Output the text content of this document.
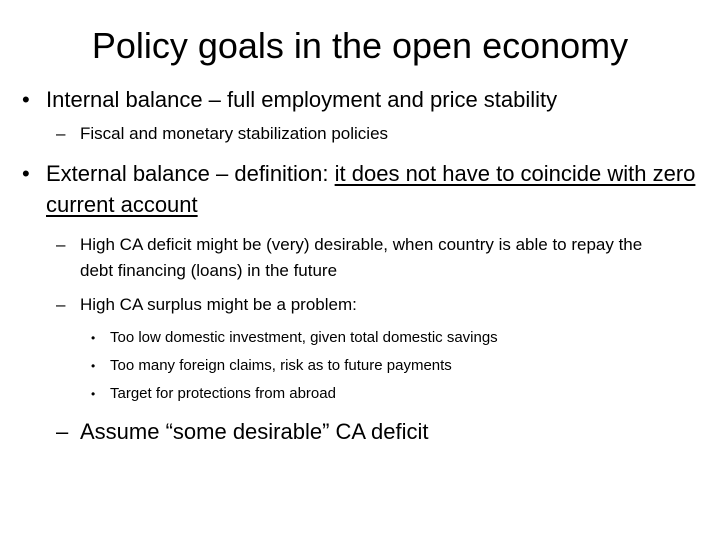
Policy goals in the open economy
• Internal balance – full employment and price stability
– Fiscal and monetary stabilization policies
• External balance – definition: it does not have to coincide with zero current account
– High CA deficit might be (very) desirable, when country is able to repay the debt financing (loans) in the future
– High CA surplus might be a problem:
• Too low domestic investment, given total domestic savings
• Too many foreign claims, risk as to future payments
• Target for protections from abroad
– Assume “some desirable” CA deficit
